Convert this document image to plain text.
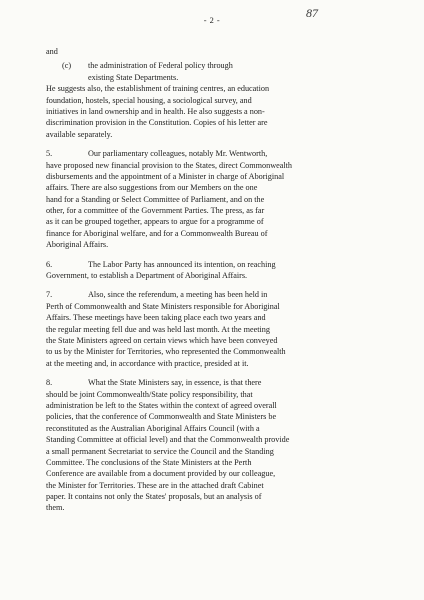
- 2 -
87
and
(c) the administration of Federal policy through
existing State Departments.
He suggests also, the establishment of training centres, an education
foundation, hostels, special housing, a sociological survey, and
initiatives in land ownership and in health. He also suggests a non-
discrimination provision in the Constitution. Copies of his letter are
available separately.
5.	Our parliamentary colleagues, notably Mr. Wentworth,
have proposed new financial provision to the States, direct Commonwealth
disbursements and the appointment of a Minister in charge of Aboriginal
affairs. There are also suggestions from our Members on the one
hand for a Standing or Select Committee of Parliament, and on the
other, for a committee of the Government Parties. The press, as far
as it can be grouped together, appears to argue for a programme of
finance for Aboriginal welfare, and for a Commonwealth Bureau of
Aboriginal Affairs.
6.	The Labor Party has announced its intention, on reaching
Government, to establish a Department of Aboriginal Affairs.
7.	Also, since the referendum, a meeting has been held in
Perth of Commonwealth and State Ministers responsible for Aboriginal
Affairs. These meetings have been taking place each two years and
the regular meeting fell due and was held last month. At the meeting
the State Ministers agreed on certain views which have been conveyed
to us by the Minister for Territories, who represented the Commonwealth
at the meeting and, in accordance with practice, presided at it.
8.	What the State Ministers say, in essence, is that there
should be joint Commonwealth/State policy responsibility, that
administration be left to the States within the context of agreed overall
policies, that the conference of Commonwealth and State Ministers be
reconstituted as the Australian Aboriginal Affairs Council (with a
Standing Committee at official level) and that the Commonwealth provide
a small permanent Secretariat to service the Council and the Standing
Committee. The conclusions of the State Ministers at the Perth
Conference are available from a document provided by our colleague,
the Minister for Territories. These are in the attached draft Cabinet
paper. It contains not only the States' proposals, but an analysis of
them.
